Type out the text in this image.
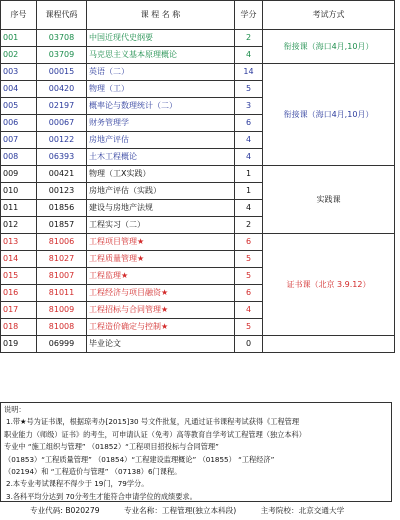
序号	课程代码	课 程 名 称	学分	考试方式
001	03708	中国近现代史纲要	2	衔接课（海口4月,10月）
002	03709	马克思主义基本原理概论	4	
003	00015	英语（二）	14	衔接课（海口4月,10月）
004	00420	物理（工）	5	
005	02197	概率论与数理统计（二）	3	
006	00067	财务管理学	6	
007	00122	房地产评估	4	
008	06393	土木工程概论	4	
009	00421	物理（工X实践）	1	实践课
010	00123	房地产评估（实践）	1	
011	01856	建设与房地产法规	4	
012	01857	工程实习（二）	2	
013	81006	工程项目管理★	6	证书课（北京 3.9.12）
014	81027	工程质量管理★	5	
015	81007	工程监理★	5	
016	81011	工程经济与项目融资★	6	
017	81009	工程招标与合同管理★	4	
018	81008	工程造价确定与控制★	5	
019	06999	毕业论文	0	

说明：

1.带★号为证书课，根据琼考办[2015]30 号文件批复，凡通过证书课程考试获得《工程管理

职业能力（师级）证书》的考生，可申请认证（免考）高等教育自学考试工程管理（独立本科）

专业中 “施工组织与管理” （01852）“工程项目招投标与合同管理”

（01853）“工程质量管理” （01854）“工程建设监理概论” （01855） “工程经济”

（02194）和 “工程造价与管理” （07138）6门课程。

2.本专业考试课程不得少于 19门，79学分。

3.各科平均分达到 70分考生才能符合申请学位的成绩要求。

专业代码: B020279	专业名称：工程管理(独立本科段)	主考院校：北京交通大学
